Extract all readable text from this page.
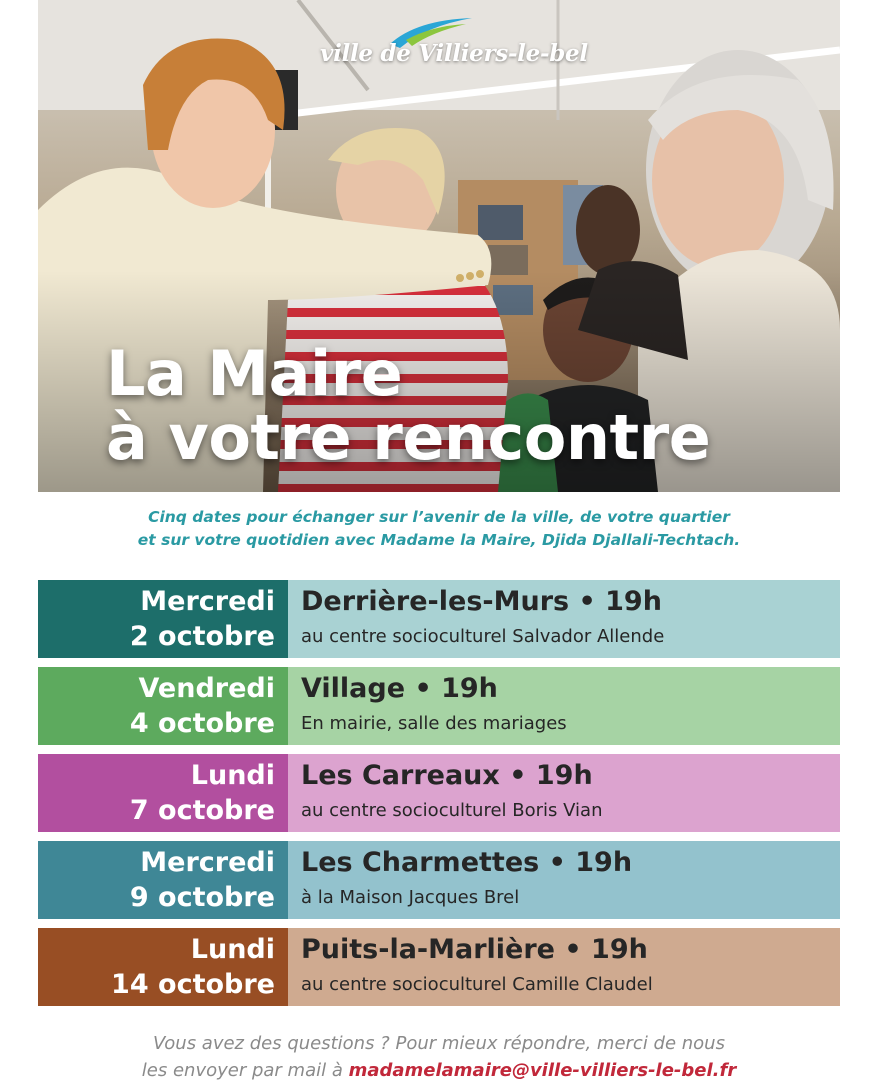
ville de Villiers-le-bel
La Maire
à votre rencontre
Cinq dates pour échanger sur l’avenir de la ville, de votre quartier
et sur votre quotidien avec Madame la Maire, Djida Djallali-Techtach.
Mercredi
2 octobre
Derrière-les-Murs • 19h
au centre socioculturel Salvador Allende
Vendredi
4 octobre
Village • 19h
En mairie, salle des mariages
Lundi
7 octobre
Les Carreaux • 19h
au centre socioculturel Boris Vian
Mercredi
9 octobre
Les Charmettes • 19h
à la Maison Jacques Brel
Lundi
14 octobre
Puits-la-Marlière • 19h
au centre socioculturel Camille Claudel
Vous avez des questions ? Pour mieux répondre, merci de nous
les envoyer par mail à madamelamaire@ville-villiers-le-bel.fr
